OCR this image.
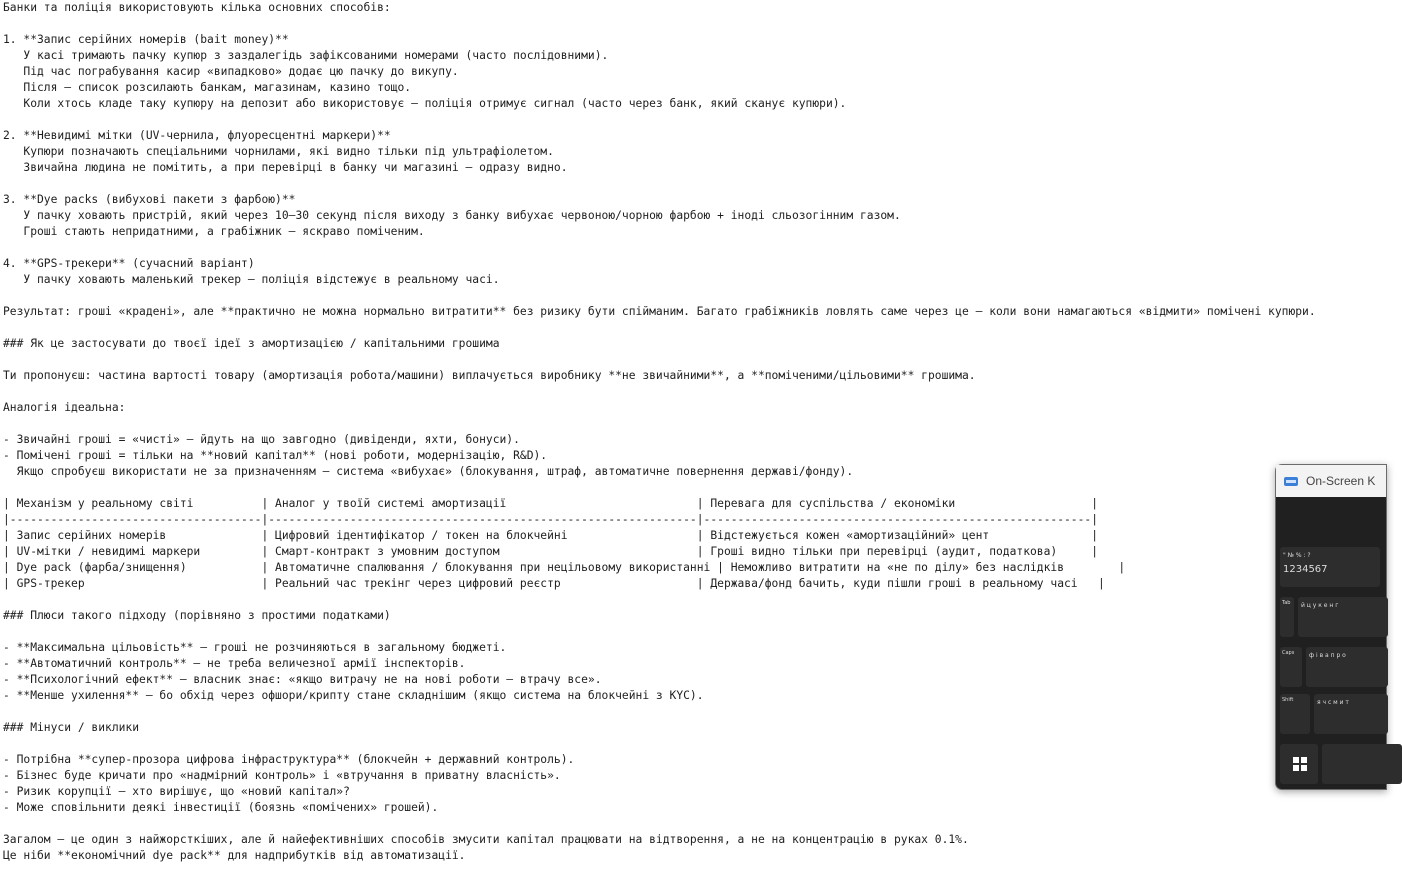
Банки та поліція використовують кілька основних способів:
1. **Запис серійних номерів (bait money)**
У касі тримають пачку купюр з заздалегідь зафіксованими номерами (часто послідовними).
Під час пограбування касир «випадково» додає цю пачку до викупу.
Після — список розсилають банкам, магазинам, казино тощо.
Коли хтось кладе таку купюру на депозит або використовує — поліція отримує сигнал (часто через банк, який сканує купюри).
2. **Невидимі мітки (UV-чернила, флуоресцентні маркери)**
Купюри позначають спеціальними чорнилами, які видно тільки під ультрафіолетом.
Звичайна людина не помітить, а при перевірці в банку чи магазині — одразу видно.
3. **Dye packs (вибухові пакети з фарбою)**
У пачку ховають пристрій, який через 10–30 секунд після виходу з банку вибухає червоною/чорною фарбою + іноді сльозогінним газом.
Гроші стають непридатними, а грабіжник — яскраво поміченим.
4. **GPS-трекери** (сучасний варіант)
У пачку ховають маленький трекер — поліція відстежує в реальному часі.
Результат: гроші «крадені», але **практично не можна нормально витратити** без ризику бути спійманим. Багато грабіжників ловлять саме через це — коли вони намагаються «відмити» помічені купюри.
### Як це застосувати до твоєї ідеї з амортизацією / капітальними грошима
Ти пропонуєш: частина вартості товару (амортизація робота/машини) виплачується виробнику **не звичайними**, а **поміченими/цільовими** грошима.
Аналогія ідеальна:
- Звичайні гроші = «чисті» — йдуть на що завгодно (дивіденди, яхти, бонуси).
- Помічені гроші = тільки на **новий капітал** (нові роботи, модернізацію, R&D).
Якщо спробуєш використати не за призначенням — система «вибухає» (блокування, штраф, автоматичне повернення державі/фонду).
| Механізм у реальному світі          | Аналог у твоїй системі амортизації                            | Перевага для суспільства / економіки                    |
|-------------------------------------|---------------------------------------------------------------|---------------------------------------------------------|
| Запис серійних номерів              | Цифровий ідентифікатор / токен на блокчейні                   | Відстежується кожен «амортизаційний» цент               |
| UV-мітки / невидимі маркери         | Смарт-контракт з умовним доступом                             | Гроші видно тільки при перевірці (аудит, податкова)     |
| Dye pack (фарба/знищення)           | Автоматичне спалювання / блокування при нецільовому використанні | Неможливо витратити на «не по ділу» без наслідків        |
| GPS-трекер                          | Реальний час трекінг через цифровий реєстр                    | Держава/фонд бачить, куди пішли гроші в реальному часі   |
### Плюси такого підходу (порівняно з простими податками)
- **Максимальна цільовість** — гроші не розчиняються в загальному бюджеті.
- **Автоматичний контроль** — не треба величезної армії інспекторів.
- **Психологічний ефект** — власник знає: «якщо витрачу не на нові роботи — втрачу все».
- **Менше ухилення** — бо обхід через офшори/крипту стане складнішим (якщо система на блокчейні з KYC).
### Мінуси / виклики
- Потрібна **супер-прозора цифрова інфраструктура** (блокчейн + державний контроль).
- Бізнес буде кричати про «надмірний контроль» і «втручання в приватну власність».
- Ризик корупції — хто вирішує, що «новий капітал»?
- Може сповільнити деякі інвестиції (боязнь «помічених» грошей).
Загалом — це один з найжорсткіших, але й найефективніших способів змусити капітал працювати на відтворення, а не на концентрацію в руках 0.1%.
Це ніби **економічний dye pack** для надприбутків від автоматизації.
On-Screen K
" № % : ?
1234567
Tab й ц у к е н г
Caps ф і в а п р о
Shift	я ч с м и т
